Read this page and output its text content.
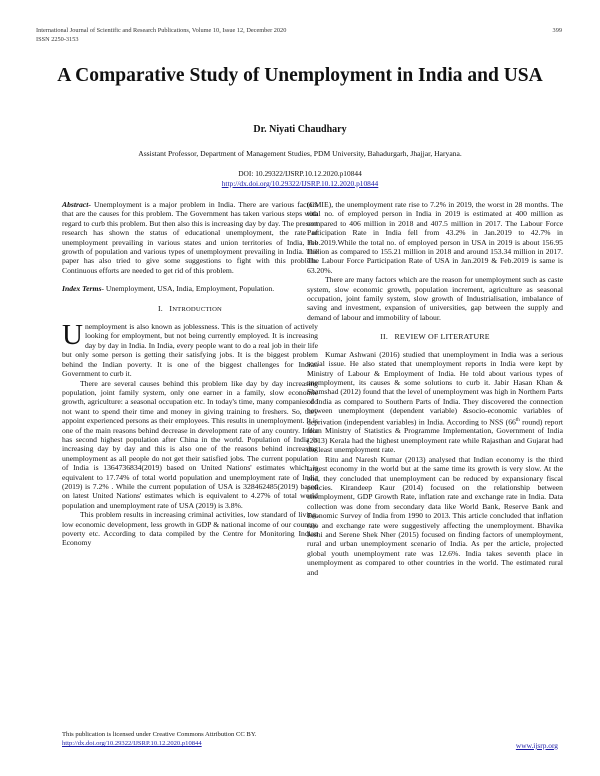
International Journal of Scientific and Research Publications, Volume 10, Issue 12, December 2020
ISSN 2250-3153
399
A Comparative Study of Unemployment in India and USA
Dr. Niyati Chaudhary
Assistant Professor, Department of Management Studies, PDM University, Bahadurgarh, Jhajjar, Haryana.
DOI: 10.29322/IJSRP.10.12.2020.p10844
http://dx.doi.org/10.29322/IJSRP.10.12.2020.p10844

Abstract- Unemployment is a major problem in India. There are various factors that are the causes for this problem. The Government has taken various steps with regard to curb this problem. But then also this is increasing day by day. The present research has shown the status of educational unemployment, the rate of unemployment prevailing in various states and union territories of India, the growth of population and various types of unemployment prevailing in India. The paper has also tried to give some suggestions to fight with this problem. Continuous efforts are needed to get rid of this problem.

Index Terms- Unemployment, USA, India, Employment, Population.

I. INTRODUCTION

Unemployment is also known as joblessness. This is the situation of actively looking for employment, but not being currently employed. It is increasing day by day in India. In India, every people want to do a real job in their life but only some person is getting their satisfying jobs. It is the biggest problem behind the Indian poverty. It is one of the biggest challenges for Indian Government to curb it.

There are several causes behind this problem like day by day increasing population, joint family system, only one earner in a family, slow economic growth, agriculture: a seasonal occupation etc. In today's time, many companies do not want to spend their time and money in giving training to freshers. So, they appoint experienced persons as their employees. This results in unemployment. It is one of the main reasons behind decrease in development rate of any country. India has second highest population after China in the world. Population of India is increasing day by day and this is also one of the reasons behind increasing unemployment as all people do not get their satisfied jobs. The current population of India is 1364736834(2019) based on United Nations' estimates which is equivalent to 17.74% of total world population and unemployment rate of India (2019) is 7.2% . While the current population of USA is 328462485(2019) based on latest United Nations' estimates which is equivalent to 4.27% of total world population and unemployment rate of USA (2019) is 3.8%.

This problem results in increasing criminal activities, low standard of living, low economic development, less growth in GDP & national income of our country, poverty etc. According to data compiled by the Centre for Monitoring Indian Economy

(CMIE), the unemployment rate rise to 7.2% in 2019, the worst in 28 months. The total no. of employed person in India in 2019 is estimated at 400 million as compared to 406 million in 2018 and 407.5 million in 2017. The Labour Force Participation Rate in India fell from 43.2% in Jan.2019 to 42.7% in Feb.2019.While the total no. of employed person in USA in 2019 is about 156.95 million as compared to 155.21 million in 2018 and around 153.34 million in 2017. The Labour Force Participation Rate of USA in Jan.2019 & Feb.2019 is same is 63.20%.

There are many factors which are the reason for unemployment such as caste system, slow economic growth, population increment, agriculture as seasonal occupation, joint family system, slow growth of Industrialisation, imbalance of saving and investment, expansion of universities, gap between the supply and demand of labour and immobility of labour.

II. REVIEW OF LITERATURE

Kumar Ashwani (2016) studied that unemployment in India was a serious social issue. He also stated that unemployment reports in India were kept by Ministry of Labour & Employment of India. He told about various types of unemployment, its causes & some solutions to curb it. Jabir Hasan Khan & Shamshad (2012) found that the level of unemployment was high in Northern Parts of India as compared to Southern Parts of India. They discovered the connection between unemployment (dependent variable) &socio-economic variables of deprivation (independent variables) in India. According to NSS (66th round) report from Ministry of Statistics & Programme Implementation, Government of India (2013) Kerala had the highest unemployment rate while Rajasthan and Gujarat had the least unemployment rate.

Ritu and Naresh Kumar (2013) analysed that Indian economy is the third largest economy in the world but at the same time its growth is very slow. At the end, they concluded that unemployment can be reduced by expansionary fiscal policies. Kirandeep Kaur (2014) focused on the relationship between unemployment, GDP Growth Rate, inflation rate and exchange rate in India. Data collection was done from secondary data like World Bank, Reserve Bank and Economic Survey of India from 1990 to 2013. This article concluded that inflation rate and exchange rate were suggestively affecting the unemployment. Bhavika Joshi and Serene Shek Nher (2015) focused on finding factors of unemployment, rural and urban unemployment scenario of India. As per the article, projected global youth unemployment rate was 12.6%. India takes seventh place in unemployment as compared to other countries in the world. The estimated rural and

This publication is licensed under Creative Commons Attribution CC BY.
http://dx.doi.org/10.29322/IJSRP.10.12.2020.p10844	www.ijsrp.org
